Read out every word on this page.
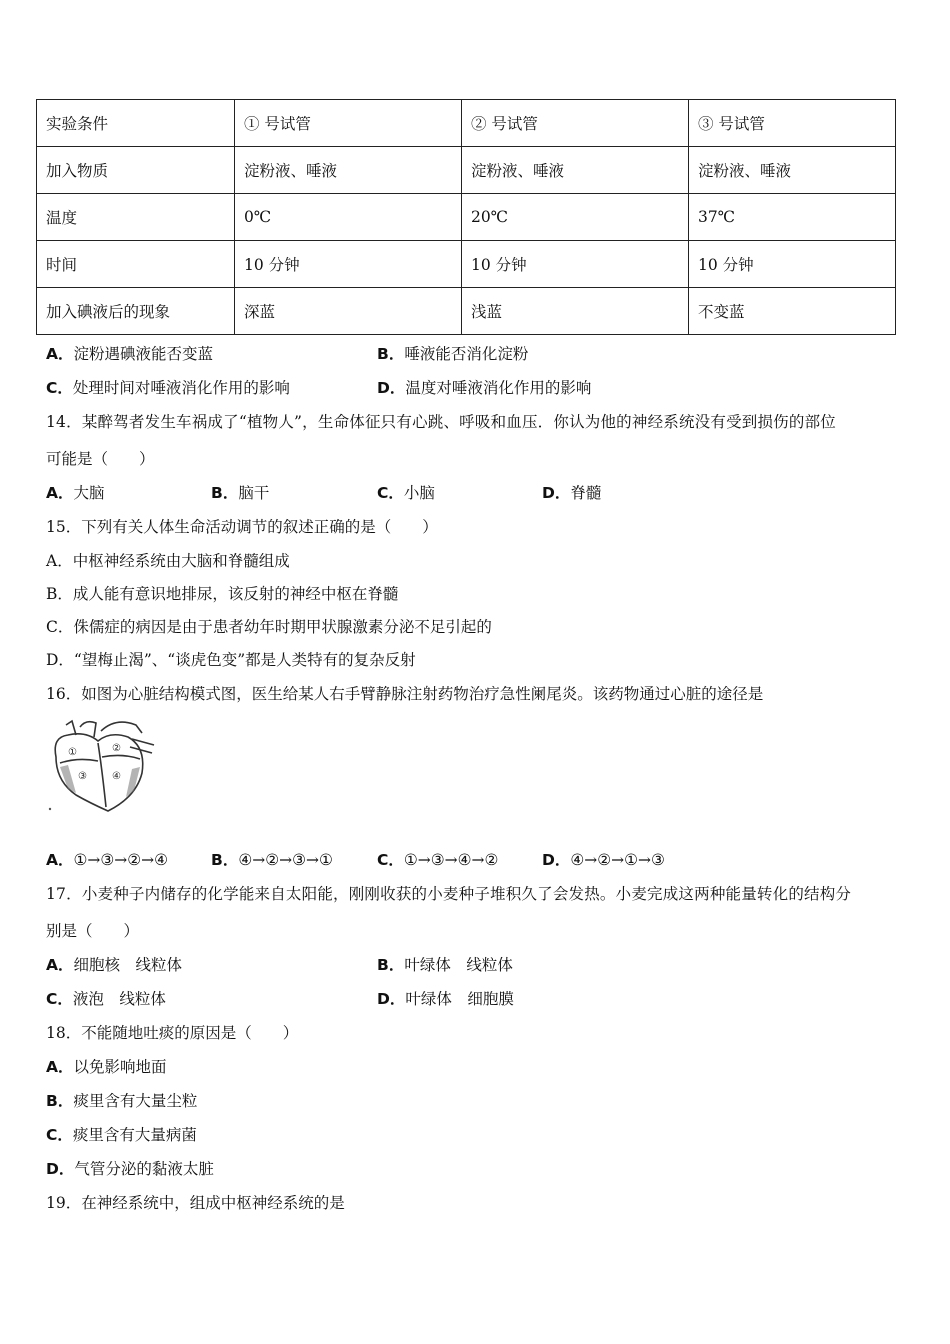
实验条件	① 号试管	② 号试管	③ 号试管
加入物质	淀粉液、唾液	淀粉液、唾液	淀粉液、唾液
温度	0℃	20℃	37℃
时间	10 分钟	10 分钟	10 分钟
加入碘液后的现象	深蓝	浅蓝	不变蓝
A．淀粉遇碘液能否变蓝	B．唾液能否消化淀粉
C．处理时间对唾液消化作用的影响	D．温度对唾液消化作用的影响
14．某醉驾者发生车祸成了“植物人”，生命体征只有心跳、呼吸和血压．你认为他的神经系统没有受到损伤的部位
可能是（　　）
A．大脑	B．脑干	C．小脑	D．脊髓
15．下列有关人体生命活动调节的叙述正确的是（　　）
A．中枢神经系统由大脑和脊髓组成
B．成人能有意识地排尿，该反射的神经中枢在脊髓
C．侏儒症的病因是由于患者幼年时期甲状腺激素分泌不足引起的
D．“望梅止渴”、“谈虎色变”都是人类特有的复杂反射
16．如图为心脏结构模式图，医生给某人右手臂静脉注射药物治疗急性阑尾炎。该药物通过心脏的途径是
①	②
③	④
A．①→③→②→④	B．④→②→③→①	C．①→③→④→②	D．④→②→①→③
17．小麦种子内储存的化学能来自太阳能，刚刚收获的小麦种子堆积久了会发热。小麦完成这两种能量转化的结构分
别是（　　）
A．细胞核　线粒体	B．叶绿体　线粒体
C．液泡　线粒体	D．叶绿体　细胞膜
18．不能随地吐痰的原因是（　　）
A．以免影响地面
B．痰里含有大量尘粒
C．痰里含有大量病菌
D．气管分泌的黏液太脏
19．在神经系统中，组成中枢神经系统的是
